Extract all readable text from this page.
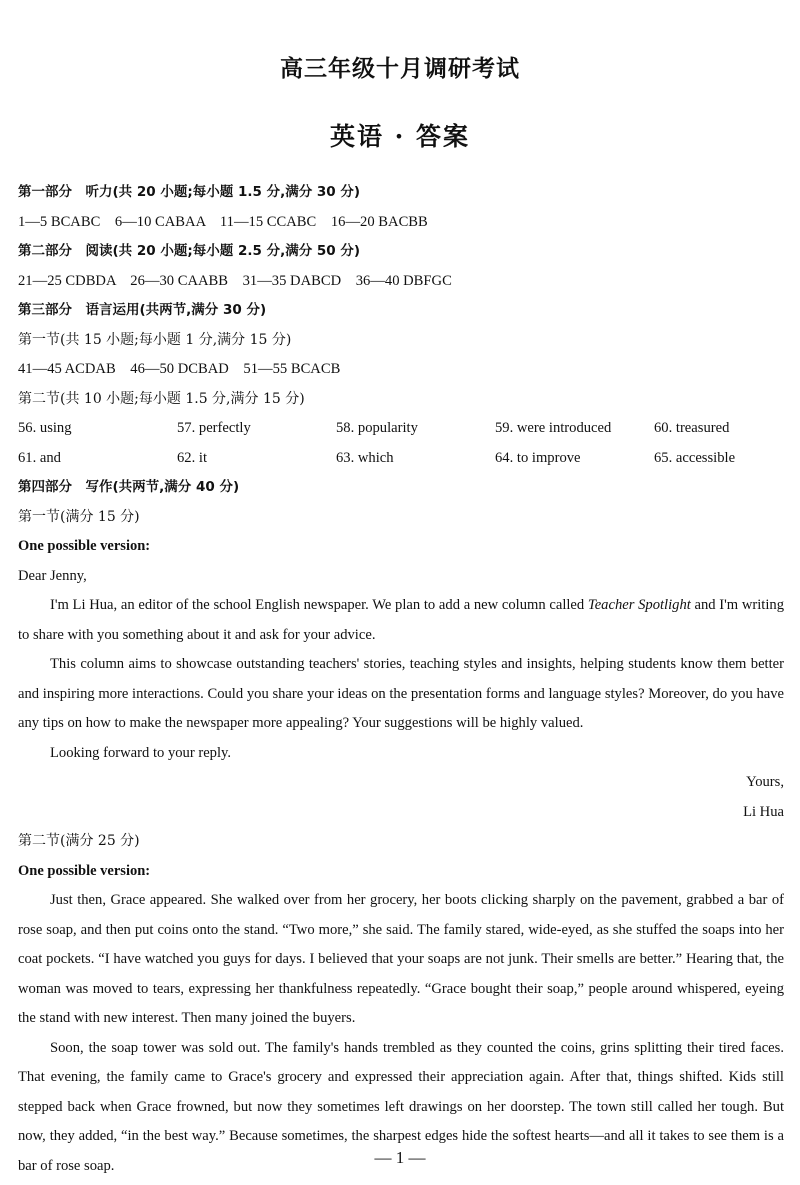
高三年级十月调研考试
英语 · 答案

第一部分　听力(共 20 小题;每小题 1.5 分,满分 30 分)

1—5 BCABC　6—10 CABAA　11—15 CCABC　16—20 BACBB

第二部分　阅读(共 20 小题;每小题 2.5 分,满分 50 分)

21—25 CDBDA　26—30 CAABB　31—35 DABCD　36—40 DBFGC

第三部分　语言运用(共两节,满分 30 分)

第一节(共 15 小题;每小题 1 分,满分 15 分)

41—45 ACDAB　46—50 DCBAD　51—55 BCACB

第二节(共 10 小题;每小题 1.5 分,满分 15 分)

56. using	57. perfectly	58. popularity	59. were introduced	60. treasured
61. and	62. it	63. which	64. to improve	65. accessible

第四部分　写作(共两节,满分 40 分)

第一节(满分 15 分)

One possible version:

Dear Jenny,

I'm Li Hua, an editor of the school English newspaper. We plan to add a new column called Teacher Spotlight and I'm writing to share with you something about it and ask for your advice.

This column aims to showcase outstanding teachers' stories, teaching styles and insights, helping students know them better and inspiring more interactions. Could you share your ideas on the presentation forms and language styles? Moreover, do you have any tips on how to make the newspaper more appealing? Your suggestions will be highly valued.

Looking forward to your reply.

Yours,

Li Hua

第二节(满分 25 分)

One possible version:

Just then, Grace appeared. She walked over from her grocery, her boots clicking sharply on the pavement, grabbed a bar of rose soap, and then put coins onto the stand. “Two more,” she said. The family stared, wide-eyed, as she stuffed the soaps into her coat pockets. “I have watched you guys for days. I believed that your soaps are not junk. Their smells are better.” Hearing that, the woman was moved to tears, expressing her thankfulness repeatedly. “Grace bought their soap,” people around whispered, eyeing the stand with new interest. Then many joined the buyers.

Soon, the soap tower was sold out. The family's hands trembled as they counted the coins, grins splitting their tired faces. That evening, the family came to Grace's grocery and expressed their appreciation again. After that, things shifted. Kids still stepped back when Grace frowned, but now they sometimes left drawings on her doorstep. The town still called her tough. But now, they added, “in the best way.” Because sometimes, the sharpest edges hide the softest hearts—and all it takes to see them is a bar of rose soap.	— 1 —
